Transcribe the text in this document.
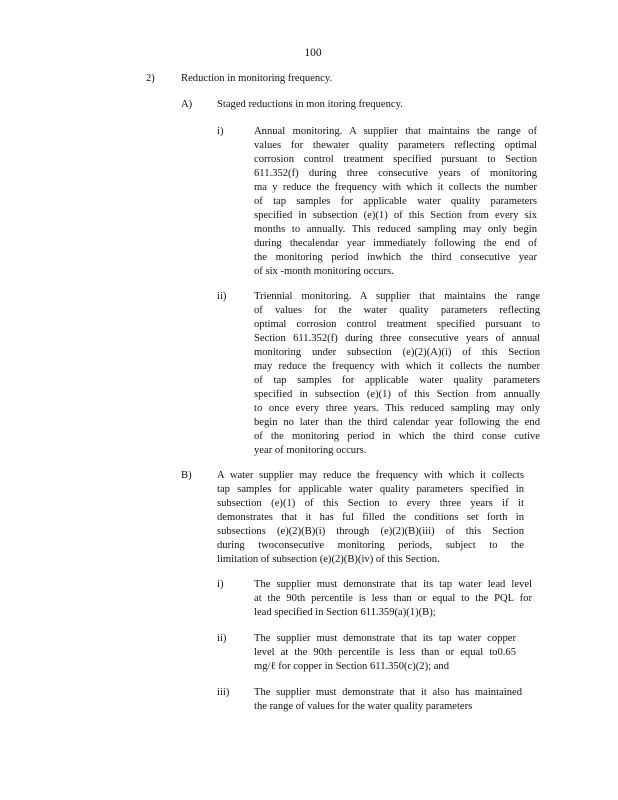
100
2) Reduction in monitoring frequency.
A) Staged reductions in mon itoring frequency.
i)	Annual monitoring. A supplier that maintains the range of
values for thewater quality parameters reflecting optimal
corrosion control treatment specified pursuant to Section
611.352(f) during three consecutive years of monitoring
ma y reduce the frequency with which it collects the number
of tap samples for applicable water quality parameters
specified in subsection (e)(1) of this Section from every six
months to annually. This reduced sampling may only begin
during thecalendar year immediately following the end of
the monitoring period inwhich the third consecutive year
of six -month monitoring occurs.
ii)	Triennial monitoring. A supplier that maintains the range
of values for the water quality parameters reflecting
optimal corrosion control treatment specified pursuant to
Section 611.352(f) during three consecutive years of annual
monitoring under subsection (e)(2)(A)(i) of this Section
may reduce the frequency with which it collects the number
of tap samples for applicable water quality parameters
specified in subsection (e)(1) of this Section from annually
to once every three years. This reduced sampling may only
begin no later than the third calendar year following the end
of the monitoring period in which the third conse cutive
year of monitoring occurs.
B) A water supplier may reduce the frequency with which it collects
tap samples for applicable water quality parameters specified in
subsection (e)(1) of this Section to every three years if it
demonstrates that it has ful filled the conditions set forth in
subsections (e)(2)(B)(i) through (e)(2)(B)(iii) of this Section
during twoconsecutive monitoring periods, subject to the
limitation of subsection (e)(2)(B)(iv) of this Section.
i)	The supplier must demonstrate that its tap water lead level
at the 90th percentile is less than or equal to the PQL for
lead specified in Section 611.359(a)(1)(B);
ii)	The supplier must demonstrate that its tap water copper
level at the 90th percentile is less than or equal to0.65
mg/ℓ for copper in Section 611.350(c)(2); and
iii) The supplier must demonstrate that it also has maintained
the range of values for the water quality parameters
